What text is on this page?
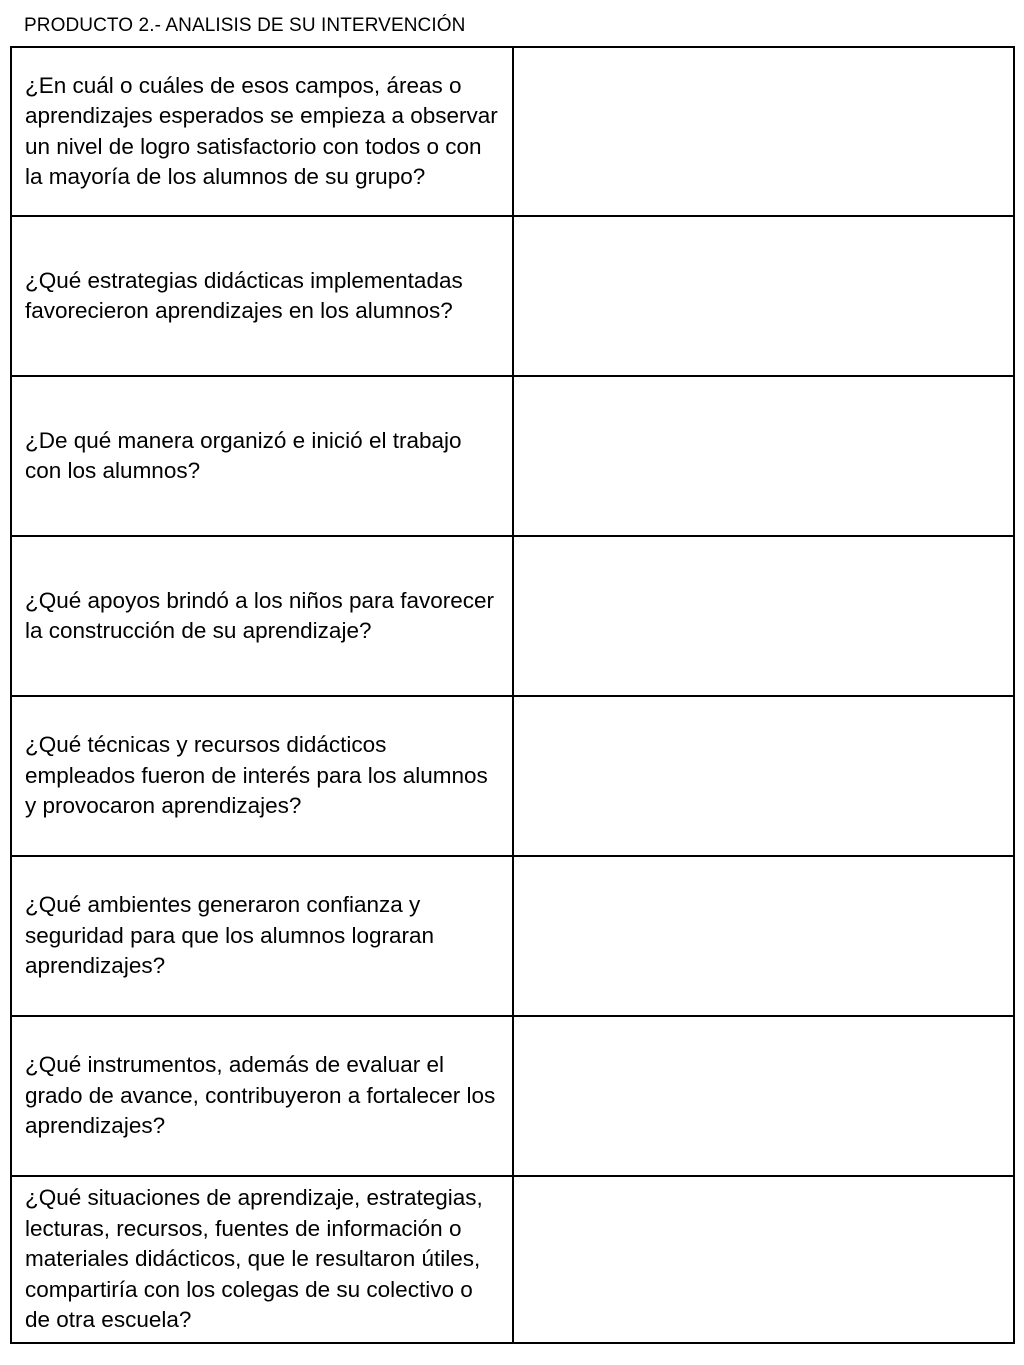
PRODUCTO 2.- ANALISIS DE SU INTERVENCIÓN
¿En cuál o cuáles de esos campos, áreas o aprendizajes esperados se empieza a observar un nivel de logro satisfactorio con todos o con la mayoría de los alumnos de su grupo?	

¿Qué estrategias didácticas implementadas favorecieron aprendizajes en los alumnos?	

¿De qué manera organizó e inició el trabajo con los alumnos?	

¿Qué apoyos brindó a los niños para favorecer la construcción de su aprendizaje?	

¿Qué técnicas y recursos didácticos empleados fueron de interés para los alumnos y provocaron aprendizajes?	

¿Qué ambientes generaron confianza y seguridad para que los alumnos lograran aprendizajes?	

¿Qué instrumentos, además de evaluar el grado de avance, contribuyeron a fortalecer los aprendizajes?	

¿Qué situaciones de aprendizaje, estrategias, lecturas, recursos, fuentes de información o materiales didácticos, que le resultaron útiles, compartiría con los colegas de su colectivo o de otra escuela?	
